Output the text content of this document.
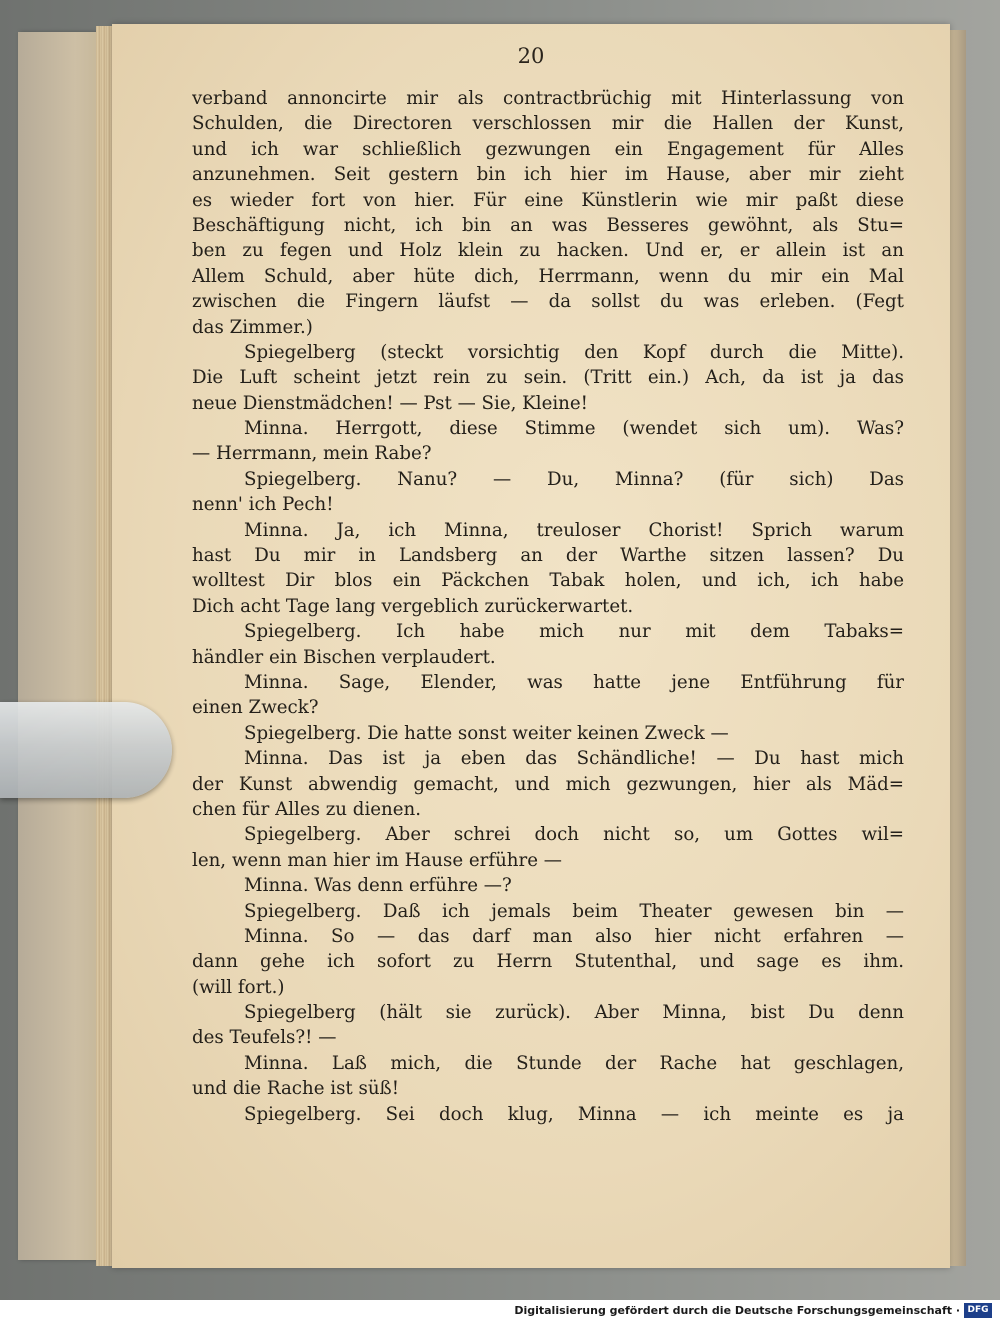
20
verband annoncirte mir als contractbrüchig mit Hinterlassung von
Schulden, die Directoren verschlossen mir die Hallen der Kunst,
und ich war schließlich gezwungen ein Engagement für Alles
anzunehmen. Seit gestern bin ich hier im Hause, aber mir zieht
es wieder fort von hier. Für eine Künstlerin wie mir paßt diese
Beschäftigung nicht, ich bin an was Besseres gewöhnt, als Stu=
ben zu fegen und Holz klein zu hacken. Und er, er allein ist an
Allem Schuld, aber hüte dich, Herrmann, wenn du mir ein Mal
zwischen die Fingern läufst — da sollst du was erleben. (Fegt
das Zimmer.)
Spiegelberg (steckt vorsichtig den Kopf durch die Mitte).
Die Luft scheint jetzt rein zu sein. (Tritt ein.) Ach, da ist ja das
neue Dienstmädchen! — Pst — Sie, Kleine!
Minna. Herrgott, diese Stimme (wendet sich um). Was?
— Herrmann, mein Rabe?
Spiegelberg. Nanu? — Du, Minna? (für sich) Das
nenn' ich Pech!
Minna. Ja, ich Minna, treuloser Chorist! Sprich warum
hast Du mir in Landsberg an der Warthe sitzen lassen? Du
wolltest Dir blos ein Päckchen Tabak holen, und ich, ich habe
Dich acht Tage lang vergeblich zurückerwartet.
Spiegelberg. Ich habe mich nur mit dem Tabaks=
händler ein Bischen verplaudert.
Minna. Sage, Elender, was hatte jene Entführung für
einen Zweck?
Spiegelberg. Die hatte sonst weiter keinen Zweck —
Minna. Das ist ja eben das Schändliche! — Du hast mich
der Kunst abwendig gemacht, und mich gezwungen, hier als Mäd=
chen für Alles zu dienen.
Spiegelberg. Aber schrei doch nicht so, um Gottes wil=
len, wenn man hier im Hause erführe —
Minna. Was denn erführe —?
Spiegelberg. Daß ich jemals beim Theater gewesen bin —
Minna. So — das darf man also hier nicht erfahren —
dann gehe ich sofort zu Herrn Stutenthal, und sage es ihm.
(will fort.)
Spiegelberg (hält sie zurück). Aber Minna, bist Du denn
des Teufels?! —
Minna. Laß mich, die Stunde der Rache hat geschlagen,
und die Rache ist süß!
Spiegelberg. Sei doch klug, Minna — ich meinte es ja
Digitalisierung gefördert durch die Deutsche Forschungsgemeinschaft · DFG
